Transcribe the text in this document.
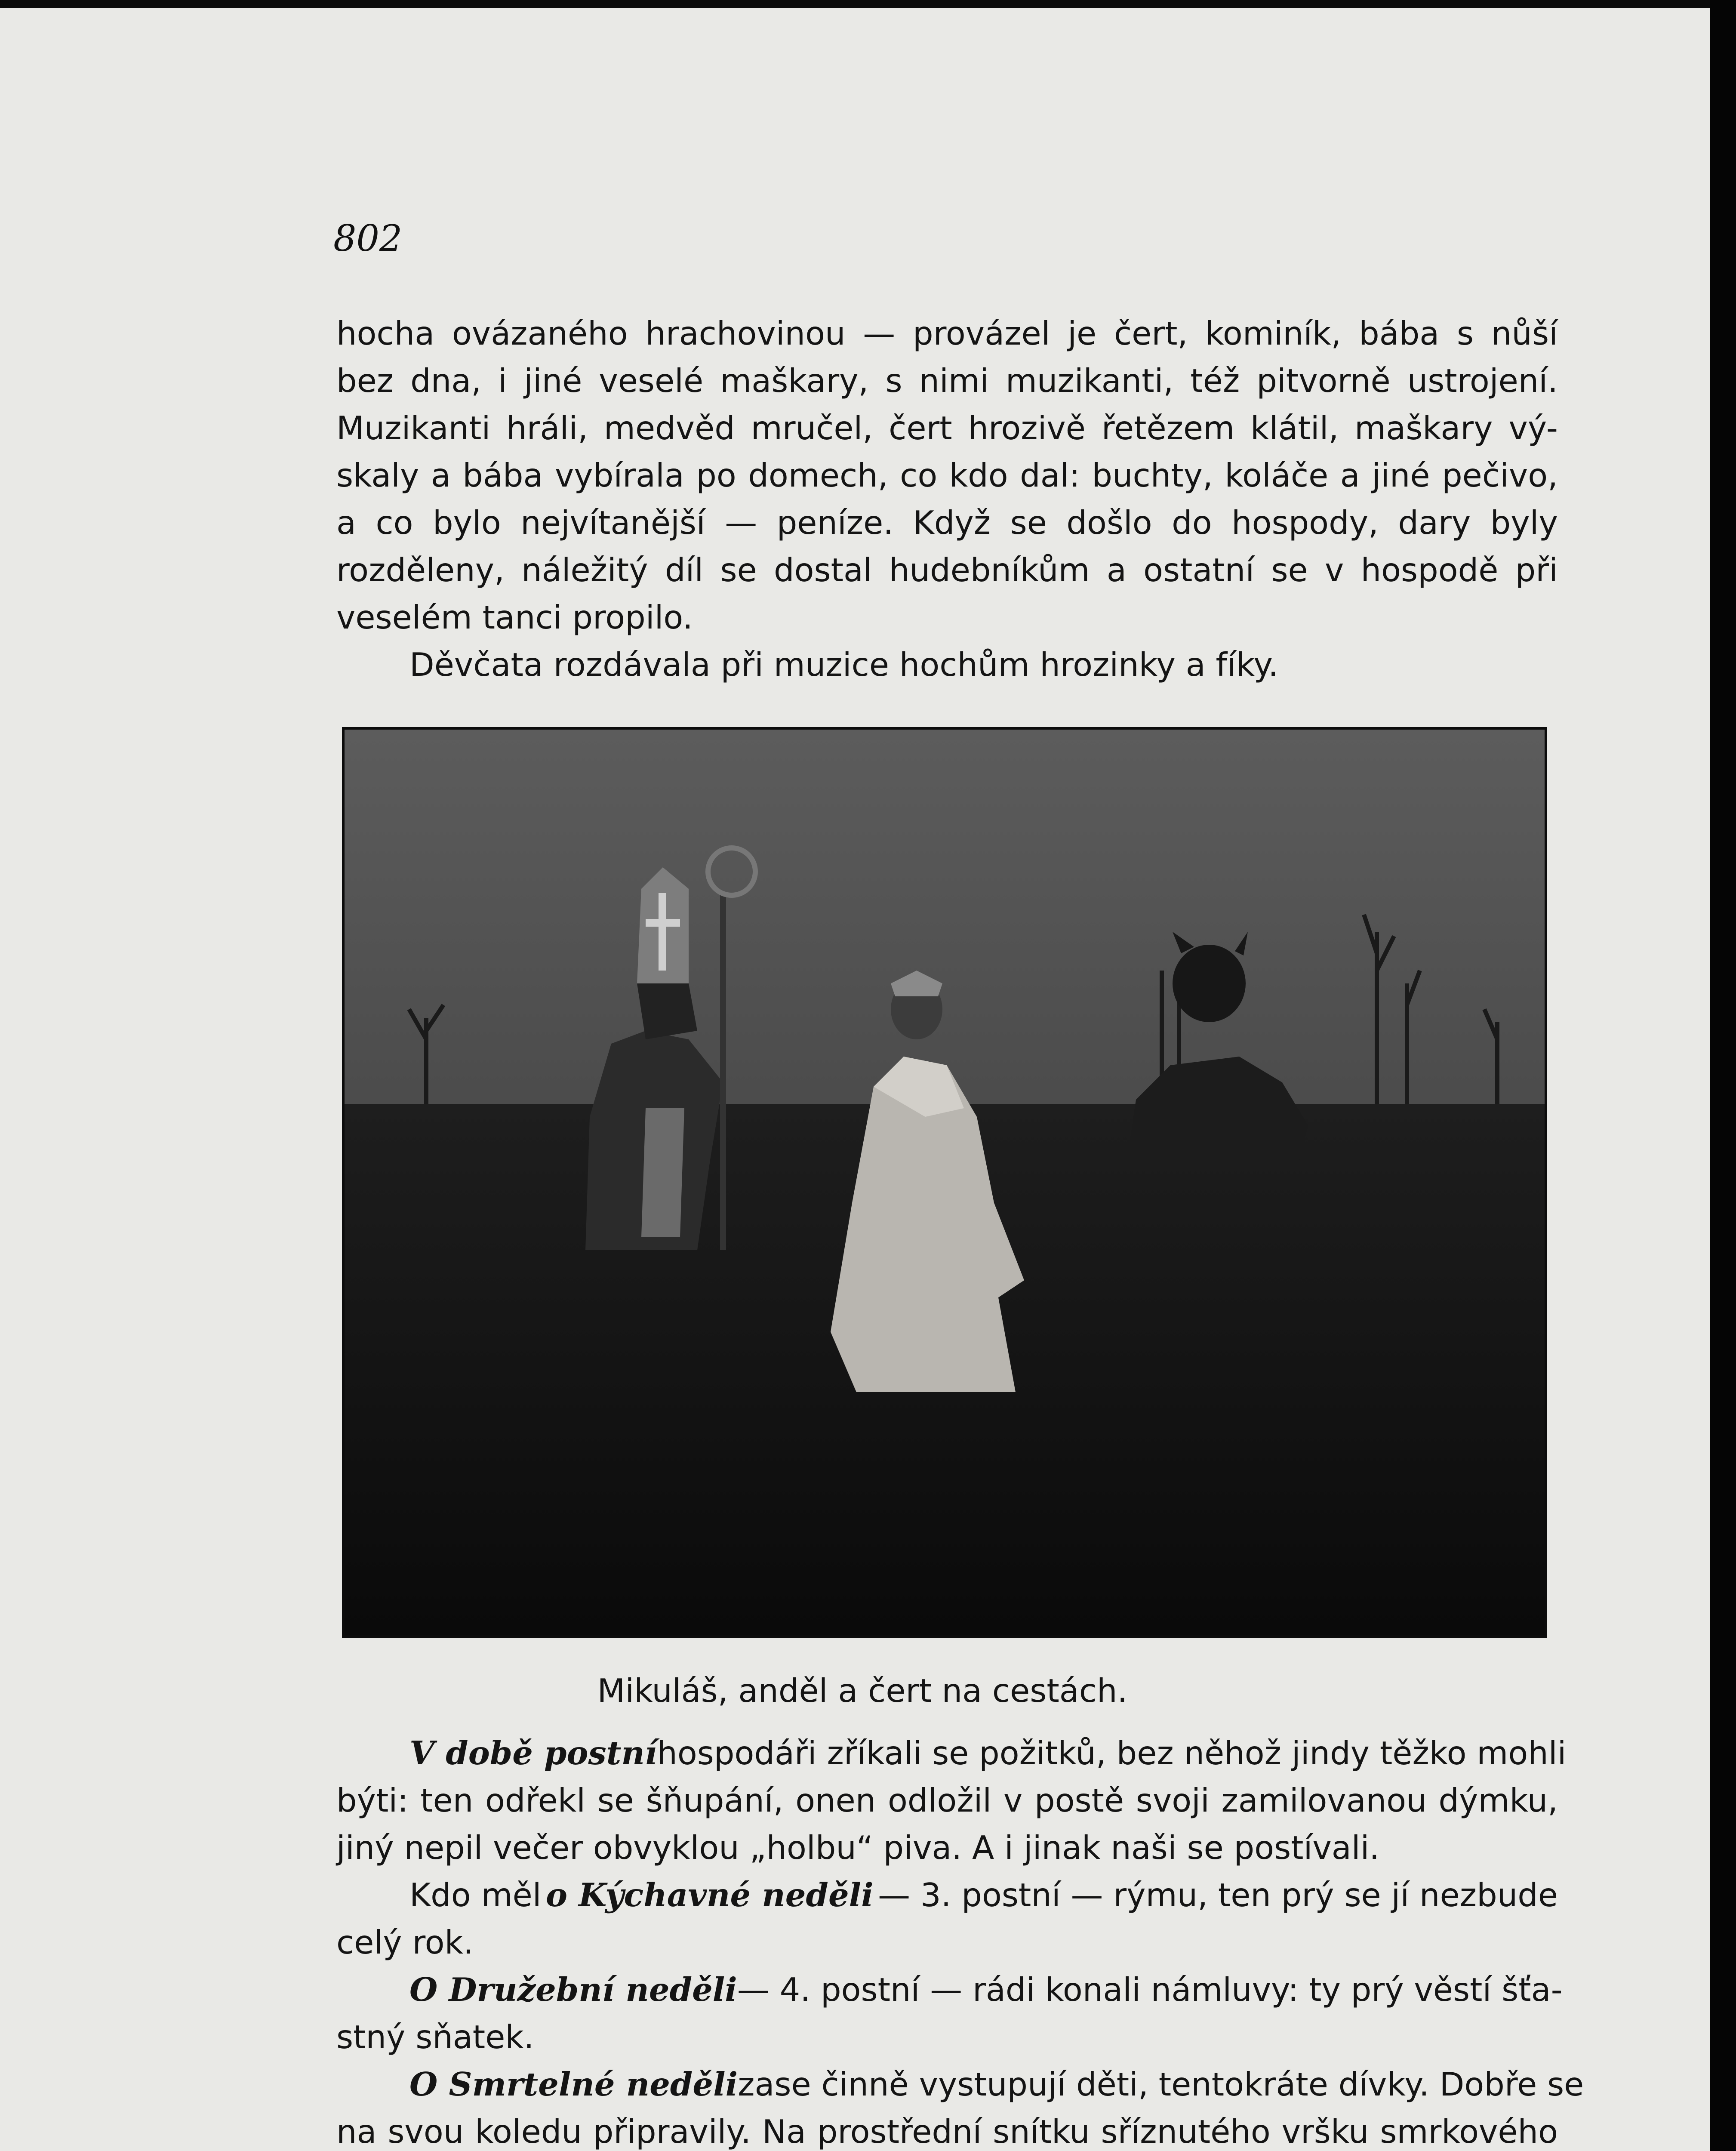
802
hocha ovázaného hrachovinou — provázel je čert, kominík, bába s nůší
bez dna, i jiné veselé maškary, s nimi muzikanti, též pitvorně ustrojení.
Muzikanti hráli, medvěd mručel, čert hrozivě řetězem klátil, maškary vý-
skaly a bába vybírala po domech, co kdo dal: buchty, koláče a jiné pečivo,
a co bylo nejvítanější — peníze. Když se došlo do hospody, dary byly
rozděleny, náležitý díl se dostal hudebníkům a ostatní se v hospodě při
veselém tanci propilo.
Děvčata rozdávala při muzice hochům hrozinky a fíky.
Mikuláš, anděl a čert na cestách.
V době postní hospodáři zříkali se požitků, bez něhož jindy těžko mohli
býti: ten odřekl se šňupání, onen odložil v postě svoji zamilovanou dýmku,
jiný nepil večer obvyklou „holbu“ piva. A i jinak naši se postívali.
Kdo měl o Kýchavné neděli — 3. postní — rýmu, ten prý se jí nezbude
celý rok.
O Družební neděli — 4. postní — rádi konali námluvy: ty prý věstí šťa-
stný sňatek.
O Smrtelné neděli zase činně vystupují děti, tentokráte dívky. Dobře se
na svou koledu připravily. Na prostřední snítku sříznutého vršku smrkového
